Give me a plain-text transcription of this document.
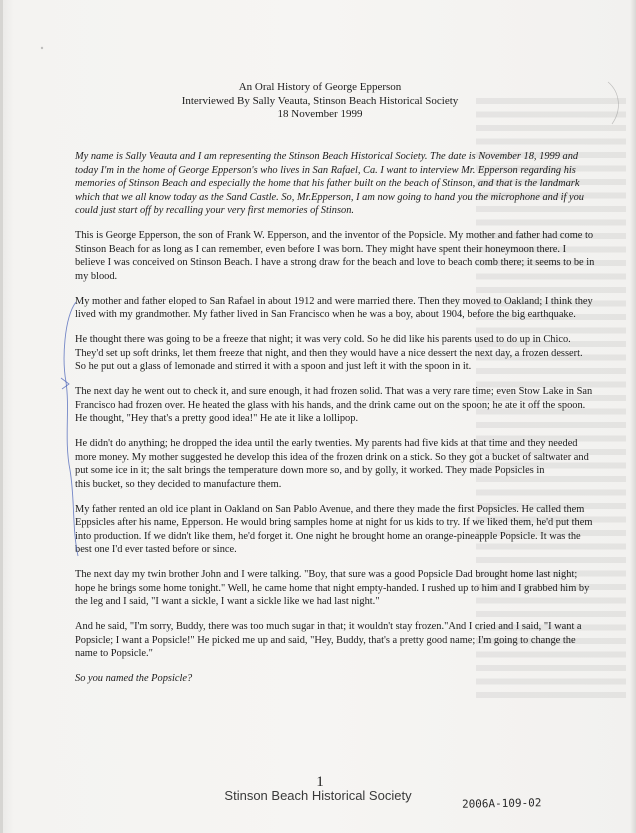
An Oral History of George Epperson
Interviewed By Sally Veauta, Stinson Beach Historical Society
18 November 1999

My name is Sally Veauta and I am representing the Stinson Beach Historical Society. The date is November 18, 1999 and today I'm in the home of George Epperson's who lives in San Rafael, Ca. I want to interview Mr. Epperson regarding his memories of Stinson Beach and especially the home that his father built on the beach of Stinson, and that is the landmark which that we all know today as the Sand Castle. So, Mr.Epperson, I am now going to hand you the microphone and if you could just start off by recalling your very first memories of Stinson.

This is George Epperson, the son of Frank W. Epperson, and the inventor of the Popsicle. My mother and father had come to Stinson Beach for as long as I can remember, even before I was born. They might have spent their honeymoon there. I believe I was conceived on Stinson Beach. I have a strong draw for the beach and love to beach comb there; it seems to be in my blood.

My mother and father eloped to San Rafael in about 1912 and were married there. Then they moved to Oakland; I think they lived with my grandmother. My father lived in San Francisco when he was a boy, about 1904, before the big earthquake.

He thought there was going to be a freeze that night; it was very cold. So he did like his parents used to do up in Chico. They'd set up soft drinks, let them freeze that night, and then they would have a nice dessert the next day, a frozen dessert. So he put out a glass of lemonade and stirred it with a spoon and just left it with the spoon in it.

The next day he went out to check it, and sure enough, it had frozen solid. That was a very rare time; even Stow Lake in San Francisco had frozen over. He heated the glass with his hands, and the drink came out on the spoon; he ate it off the spoon. He thought, "Hey that's a pretty good idea!" He ate it like a lollipop.

He didn't do anything; he dropped the idea until the early twenties. My parents had five kids at that time and they needed more money. My mother suggested he develop this idea of the frozen drink on a stick. So they got a bucket of saltwater and put some ice in it; the salt brings the temperature down more so, and by golly, it worked. They made Popsicles in
this bucket, so they decided to manufacture them.

My father rented an old ice plant in Oakland on San Pablo Avenue, and there they made the first Popsicles. He called them Eppsicles after his name, Epperson. He would bring samples home at night for us kids to try. If we liked them, he'd put them into production. If we didn't like them, he'd forget it. One night he brought home an orange-pineapple Popsicle. It was the best one I'd ever tasted before or since.

The next day my twin brother John and I were talking. "Boy, that sure was a good Popsicle Dad brought home last night; hope he brings some home tonight." Well, he came home that night empty-handed. I rushed up to him and I grabbed him by the leg and I said, "I want a sickle, I want a sickle like we had last night."

And he said, "I'm sorry, Buddy, there was too much sugar in that; it wouldn't stay frozen."And I cried and I said, "I want a Popsicle; I want a Popsicle!" He picked me up and said, "Hey, Buddy, that's a pretty good name; I'm going to change the name to Popsicle."

So you named the Popsicle?

1
Stinson Beach Historical Society
2006A-109-02
